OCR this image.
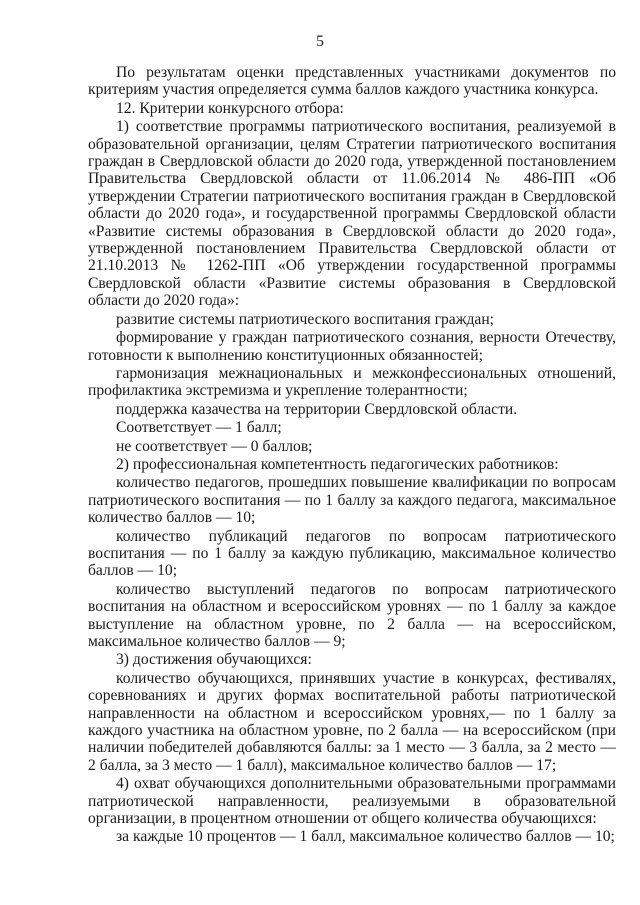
5

По результатам оценки представленных участниками документов по критериям участия определяется сумма баллов каждого участника конкурса.

12. Критерии конкурсного отбора:

1) соответствие программы патриотического воспитания, реализуемой в образовательной организации, целям Стратегии патриотического воспитания граждан в Свердловской области до 2020 года, утвержденной постановлением Правительства Свердловской области от 11.06.2014 № 486-ПП «Об утверждении Стратегии патриотического воспитания граждан в Свердловской области до 2020 года», и государственной программы Свердловской области «Развитие системы образования в Свердловской области до 2020 года», утвержденной постановлением Правительства Свердловской области от 21.10.2013 № 1262-ПП «Об утверждении государственной программы Свердловской области «Развитие системы образования в Свердловской области до 2020 года»:

развитие системы патриотического воспитания граждан;

формирование у граждан патриотического сознания, верности Отечеству, готовности к выполнению конституционных обязанностей;

гармонизация межнациональных и межконфессиональных отношений, профилактика экстремизма и укрепление толерантности;

поддержка казачества на территории Свердловской области.

Соответствует — 1 балл;

не соответствует — 0 баллов;

2) профессиональная компетентность педагогических работников:

количество педагогов, прошедших повышение квалификации по вопросам патриотического воспитания — по 1 баллу за каждого педагога, максимальное количество баллов — 10;

количество публикаций педагогов по вопросам патриотического воспитания — по 1 баллу за каждую публикацию, максимальное количество баллов — 10;

количество выступлений педагогов по вопросам патриотического воспитания на областном и всероссийском уровнях — по 1 баллу за каждое выступление на областном уровне, по 2 балла — на всероссийском, максимальное количество баллов — 9;

3) достижения обучающихся:

количество обучающихся, принявших участие в конкурсах, фестивалях, соревнованиях и других формах воспитательной работы патриотической направленности на областном и всероссийском уровнях,— по 1 баллу за каждого участника на областном уровне, по 2 балла — на всероссийском (при наличии победителей добавляются баллы: за 1 место — 3 балла, за 2 место — 2 балла, за 3 место — 1 балл), максимальное количество баллов — 17;

4) охват обучающихся дополнительными образовательными программами патриотической направленности, реализуемыми в образовательной организации, в процентном отношении от общего количества обучающихся:

за каждые 10 процентов — 1 балл, максимальное количество баллов — 10;
